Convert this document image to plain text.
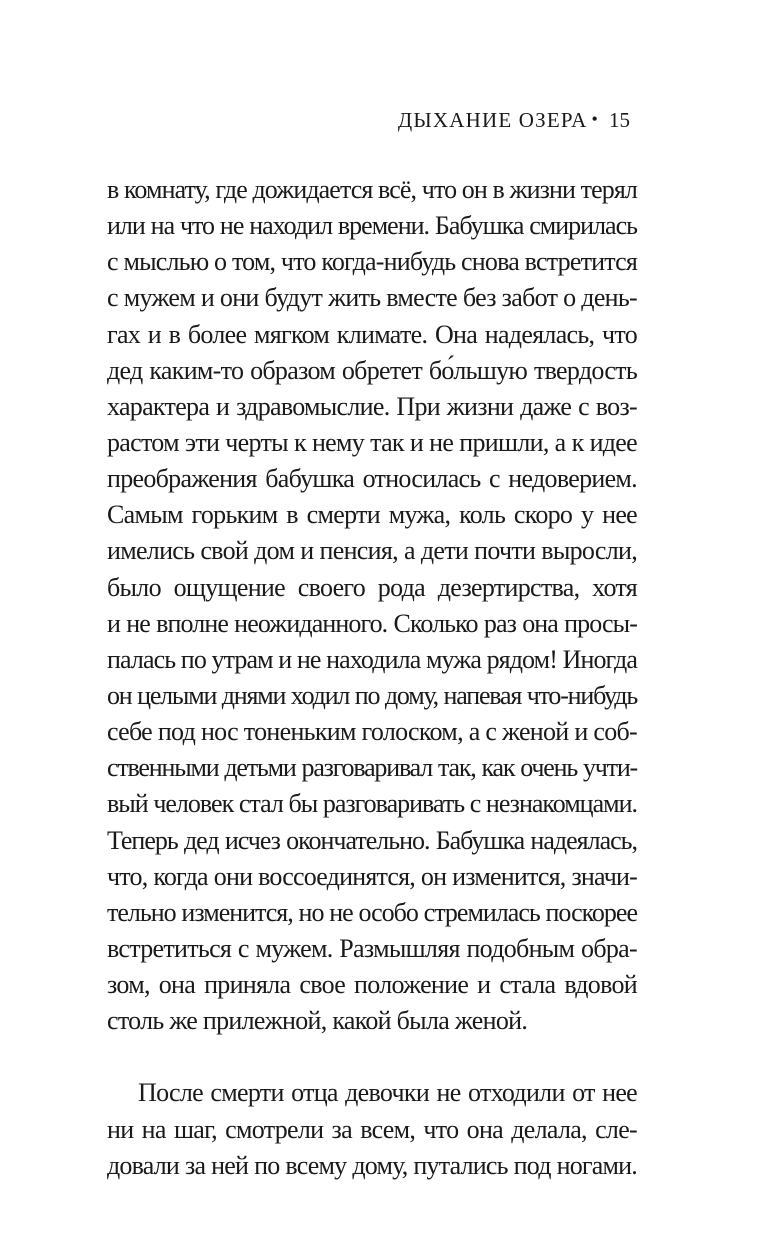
ДЫХАНИЕ ОЗЕРА • 15
в комнату, где дожидается всё, что он в жизни терял
или на что не находил времени. Бабушка смирилась
с мыслью о том, что когда-нибудь снова встретится
с мужем и они будут жить вместе без забот о день-
гах и в более мягком климате. Она надеялась, что
дед каким-то образом обретет бо́льшую твердость
характера и здравомыслие. При жизни даже с воз-
растом эти черты к нему так и не пришли, а к идее
преображения бабушка относилась с недоверием.
Самым горьким в смерти мужа, коль скоро у нее
имелись свой дом и пенсия, а дети почти выросли,
было ощущение своего рода дезертирства, хотя
и не вполне неожиданного. Сколько раз она просы-
палась по утрам и не находила мужа рядом! Иногда
он целыми днями ходил по дому, напевая что-нибудь
себе под нос тоненьким голоском, а с женой и соб-
ственными детьми разговаривал так, как очень учти-
вый человек стал бы разговаривать с незнакомцами.
Теперь дед исчез окончательно. Бабушка надеялась,
что, когда они воссоединятся, он изменится, значи-
тельно изменится, но не особо стремилась поскорее
встретиться с мужем. Размышляя подобным обра-
зом, она приняла свое положение и стала вдовой
столь же прилежной, какой была женой.
После смерти отца девочки не отходили от нее
ни на шаг, смотрели за всем, что она делала, сле-
довали за ней по всему дому, путались под ногами.
